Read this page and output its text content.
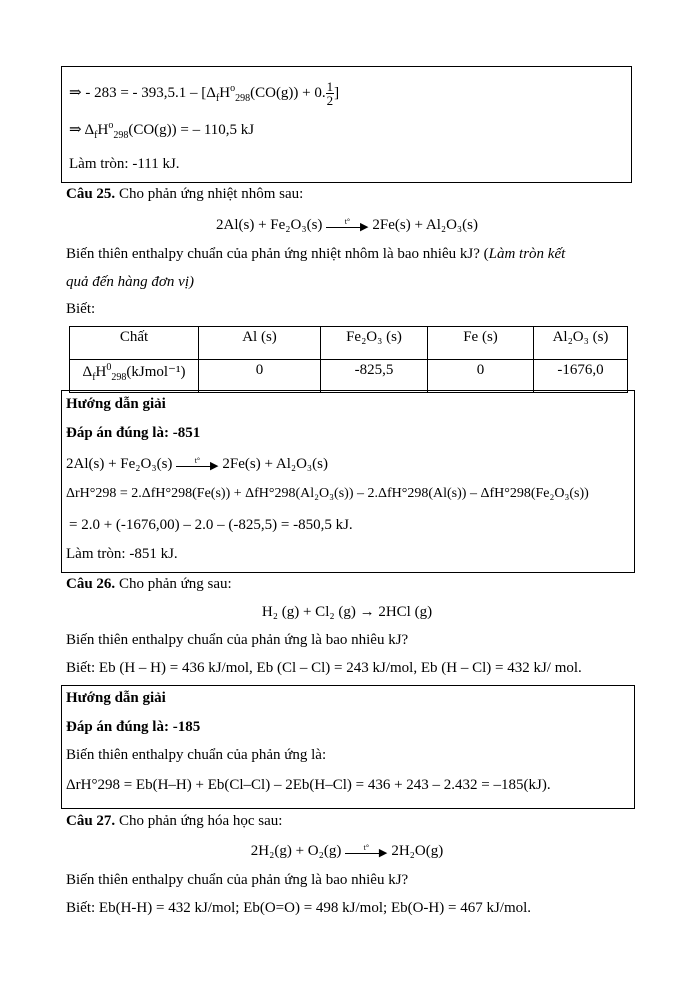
⇒ - 283 = - $393,5.1 - [\Delta_fH^o_{298}(CO(g)) + 0$. $\frac{1}{2}$ ]
⇒ $\Delta_fH^o_{298}(CO(g))$ = – 110,5 kJ
Làm tròn: -111 kJ.
Câu 25. Cho phản ứng nhiệt nhôm sau:
2Al(s) + Fe₂O₃(s)	t° ▶ 2Fe(s) + Al₂O₃(s)
Biến thiên enthalpy chuẩn của phản ứng nhiệt nhôm là bao nhiêu kJ? (Làm tròn kết
quả đến hàng đơn vị)
Biết:
Chất	Al (s)	Fe₂O₃ (s)	Fe (s)	Al₂O₃ (s)
$\Delta_fH^0_{298}(kJmol^{-1})$	0	-825,5	0	-1676,0
Hướng dẫn giải
Đáp án đúng là: -851
2Al(s) + Fe₂O₃(s)	t° ▶ 2Fe(s) + Al₂O₃(s)
ΔrH°298 = 2.ΔfH°298(Fe(s)) + ΔfH°298(Al₂O₃(s)) – 2.ΔfH°298(Al(s)) – ΔfH°298(Fe₂O₃(s))
= 2.0 + (-1676,00) – 2.0 – (-825,5) = -850,5 kJ.
Làm tròn: -851 kJ.
Câu 26. Cho phản ứng sau:
H₂ (g) + Cl₂ (g) → 2HCl (g)
Biến thiên enthalpy chuẩn của phản ứng là bao nhiêu kJ?
Biết: Eb (H – H) = 436 kJ/mol, Eb (Cl – Cl) = 243 kJ/mol, Eb (H – Cl) = 432 kJ/ mol.
Hướng dẫn giải
Đáp án đúng là: -185
Biến thiên enthalpy chuẩn của phản ứng là:
ΔrH°298 = Eb(H–H) + Eb(Cl–Cl) – 2Eb(H–Cl) = 436 + 243 – 2.432 = –185(kJ).
Câu 27. Cho phản ứng hóa học sau:
2H₂(g) + O₂(g)	t° ▶ 2H₂O(g)
Biến thiên enthalpy chuẩn của phản ứng là bao nhiêu kJ?
Biết: Eb(H-H) = 432 kJ/mol; Eb(O=O) = 498 kJ/mol; Eb(O-H) = 467 kJ/mol.
